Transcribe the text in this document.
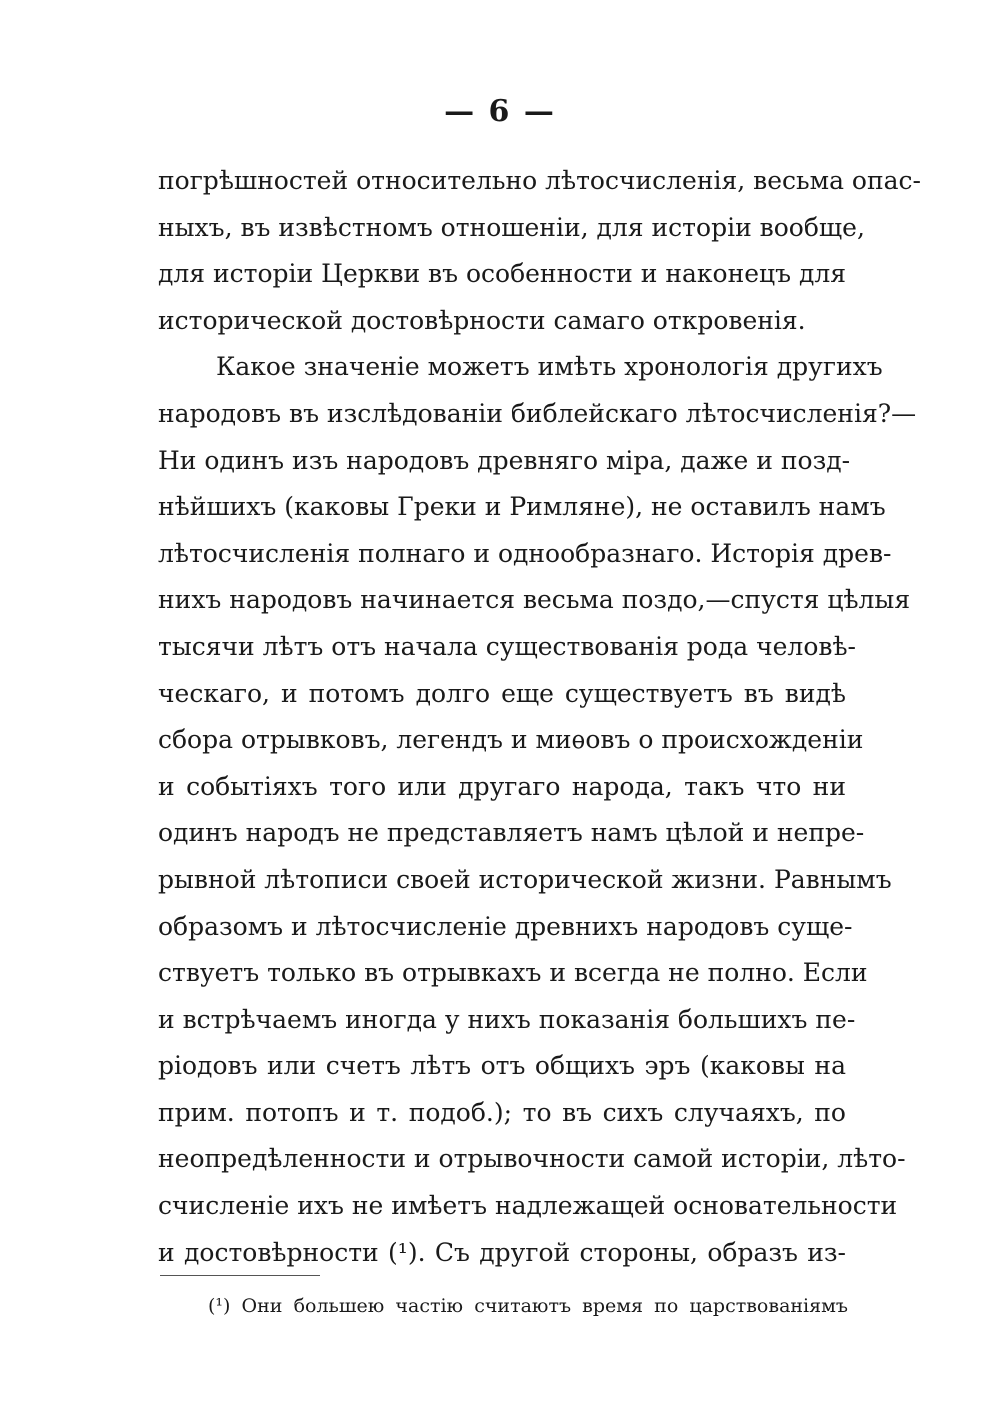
— 6 —
погрѣшностей относительно лѣтосчисленія, весьма опас-
ныхъ, въ извѣстномъ отношеніи, для исторіи вообще,
для исторіи Церкви въ особенности и наконецъ для
исторической достовѣрности самаго откровенія.
Какое значеніе можетъ имѣть хронологія другихъ
народовъ въ изслѣдованіи библейскаго лѣтосчисленія?—
Ни одинъ изъ народовъ древняго міра, даже и позд-
нѣйшихъ (каковы Греки и Римляне), не оставилъ намъ
лѣтосчисленія полнаго и однообразнаго. Исторія древ-
нихъ народовъ начинается весьма поздо,—спустя цѣлыя
тысячи лѣтъ отъ начала существованія рода человѣ-
ческаго, и потомъ долго еще существуетъ въ видѣ
сбора отрывковъ, легендъ и миѳовъ о происхожденіи
и событіяхъ того или другаго народа, такъ что ни
одинъ народъ не представляетъ намъ цѣлой и непре-
рывной лѣтописи своей исторической жизни. Равнымъ
образомъ и лѣтосчисленіе древнихъ народовъ суще-
ствуетъ только въ отрывкахъ и всегда не полно. Если
и встрѣчаемъ иногда у нихъ показанія большихъ пе-
ріодовъ или счетъ лѣтъ отъ общихъ эръ (каковы на
прим. потопъ и т. подоб.); то въ сихъ случаяхъ, по
неопредѣленности и отрывочности самой исторіи, лѣто-
счисленіе ихъ не имѣетъ надлежащей основательности
и достовѣрности (¹). Съ другой стороны, образъ из-
(¹) Они большею частію считаютъ время по царствованіямъ
